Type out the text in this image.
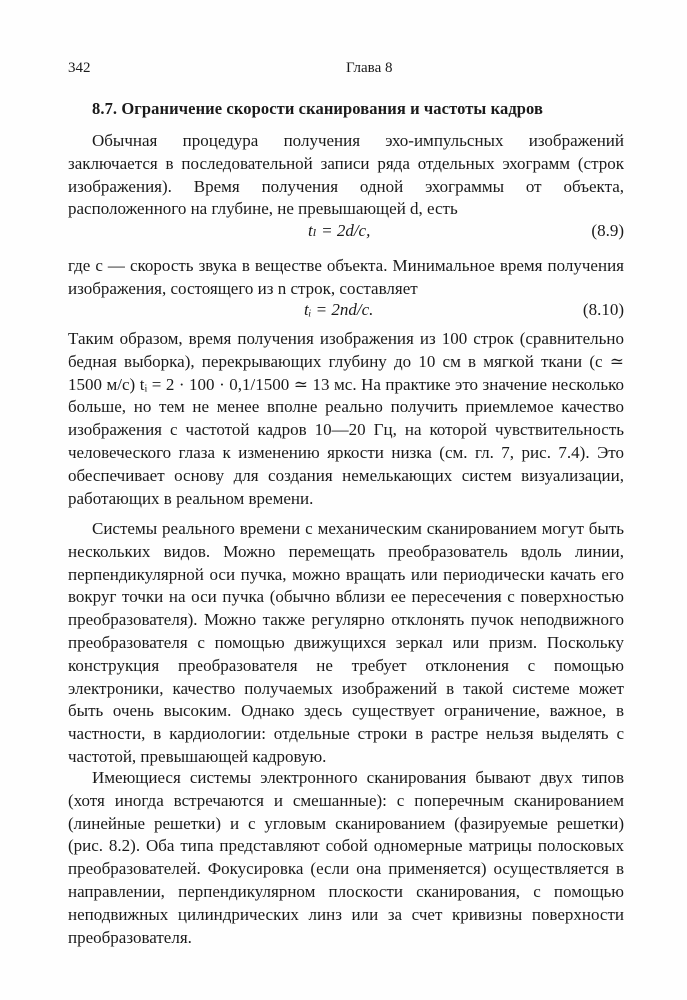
342	Глава 8
8.7. Ограничение скорости сканирования и частоты кадров
Обычная процедура получения эхо-импульсных изображений заключается в последовательной записи ряда отдельных эхограмм (строк изображения). Время получения одной эхограммы от объекта, расположенного на глубине, не превышающей d, есть
tₗ = 2d/c,	(8.9)
где c — скорость звука в веществе объекта. Минимальное время получения изображения, состоящего из n строк, составляет
tᵢ = 2nd/c.	(8.10)
Таким образом, время получения изображения из 100 строк (сравнительно бедная выборка), перекрывающих глубину до 10 см в мягкой ткани (c ≃ 1500 м/с) tᵢ = 2 · 100 · 0,1/1500 ≃ 13 мс. На практике это значение несколько больше, но тем не менее вполне реально получить приемлемое качество изображения с частотой кадров 10—20 Гц, на которой чувствительность человеческого глаза к изменению яркости низка (см. гл. 7, рис. 7.4). Это обеспечивает основу для создания немелькающих систем визуализации, работающих в реальном времени.
Системы реального времени с механическим сканированием могут быть нескольких видов. Можно перемещать преобразователь вдоль линии, перпендикулярной оси пучка, можно вращать или периодически качать его вокруг точки на оси пучка (обычно вблизи ее пересечения с поверхностью преобразователя). Можно также регулярно отклонять пучок неподвижного преобразователя с помощью движущихся зеркал или призм. Поскольку конструкция преобразователя не требует отклонения с помощью электроники, качество получаемых изображений в такой системе может быть очень высоким. Однако здесь существует ограничение, важное, в частности, в кардиологии: отдельные строки в растре нельзя выделять с частотой, превышающей кадровую.
Имеющиеся системы электронного сканирования бывают двух типов (хотя иногда встречаются и смешанные): с поперечным сканированием (линейные решетки) и с угловым сканированием (фазируемые решетки) (рис. 8.2). Оба типа представляют собой одномерные матрицы полосковых преобразователей. Фокусировка (если она применяется) осуществляется в направлении, перпендикулярном плоскости сканирования, с помощью неподвижных цилиндрических линз или за счет кривизны поверхности преобразователя.
